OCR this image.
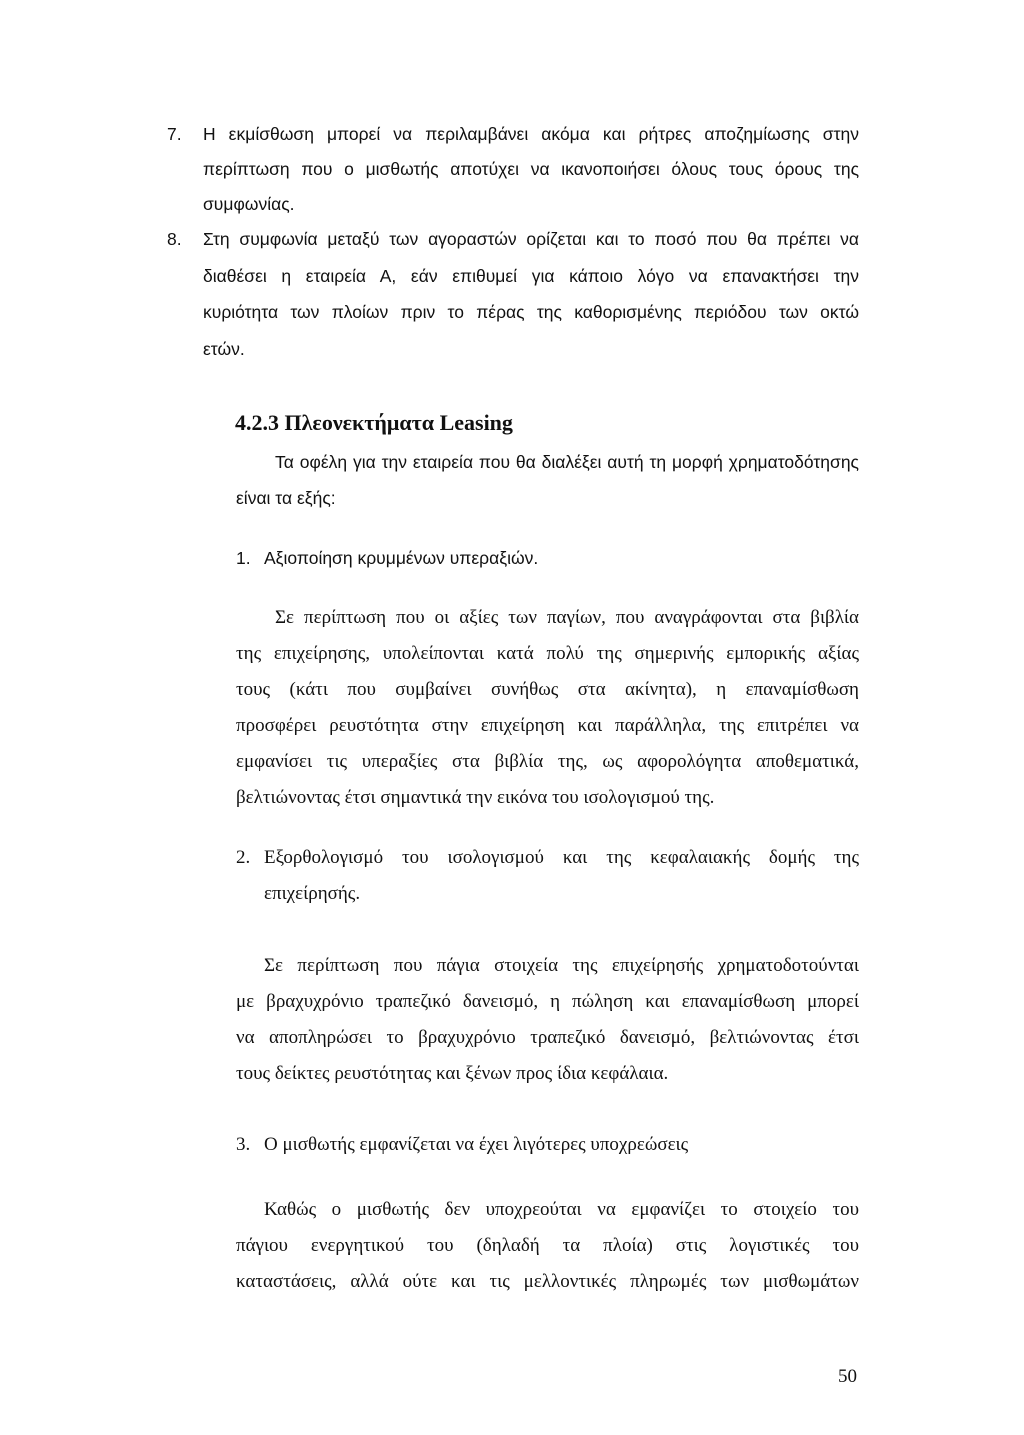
7. Η εκμίσθωση μπορεί να περιλαμβάνει ακόμα και ρήτρες αποζημίωσης στην
περίπτωση που ο μισθωτής αποτύχει να ικανοποιήσει όλους τους όρους της
συμφωνίας.
8. Στη συμφωνία μεταξύ των αγοραστών ορίζεται και το ποσό που θα πρέπει να
διαθέσει η εταιρεία Α, εάν επιθυμεί για κάποιο λόγο να επανακτήσει την
κυριότητα των πλοίων πριν το πέρας της καθορισμένης περιόδου των οκτώ
ετών.
4.2.3 Πλεονεκτήματα Leasing
Τα οφέλη για την εταιρεία που θα διαλέξει αυτή τη μορφή χρηματοδότησης
είναι τα εξής:
1. Αξιοποίηση κρυμμένων υπεραξιών.
Σε περίπτωση που οι αξίες των παγίων, που αναγράφονται στα βιβλία
της επιχείρησης, υπολείπονται κατά πολύ της σημερινής εμπορικής αξίας
τους (κάτι που συμβαίνει συνήθως στα ακίνητα), η επαναμίσθωση
προσφέρει ρευστότητα στην επιχείρηση και παράλληλα, της επιτρέπει να
εμφανίσει τις υπεραξίες στα βιβλία της, ως αφορολόγητα αποθεματικά,
βελτιώνοντας έτσι σημαντικά την εικόνα του ισολογισμού της.
2. Εξορθολογισμό του ισολογισμού και της κεφαλαιακής δομής της
επιχείρησής.
Σε περίπτωση που πάγια στοιχεία της επιχείρησής χρηματοδοτούνται
με βραχυχρόνιο τραπεζικό δανεισμό, η πώληση και επαναμίσθωση μπορεί
να αποπληρώσει το βραχυχρόνιο τραπεζικό δανεισμό, βελτιώνοντας έτσι
τους δείκτες ρευστότητας και ξένων προς ίδια κεφάλαια.
3. Ο μισθωτής εμφανίζεται να έχει λιγότερες υποχρεώσεις
Καθώς ο μισθωτής δεν υποχρεούται να εμφανίζει το στοιχείο του
πάγιου ενεργητικού του (δηλαδή τα πλοία) στις λογιστικές του
καταστάσεις, αλλά ούτε και τις μελλοντικές πληρωμές των μισθωμάτων
50
